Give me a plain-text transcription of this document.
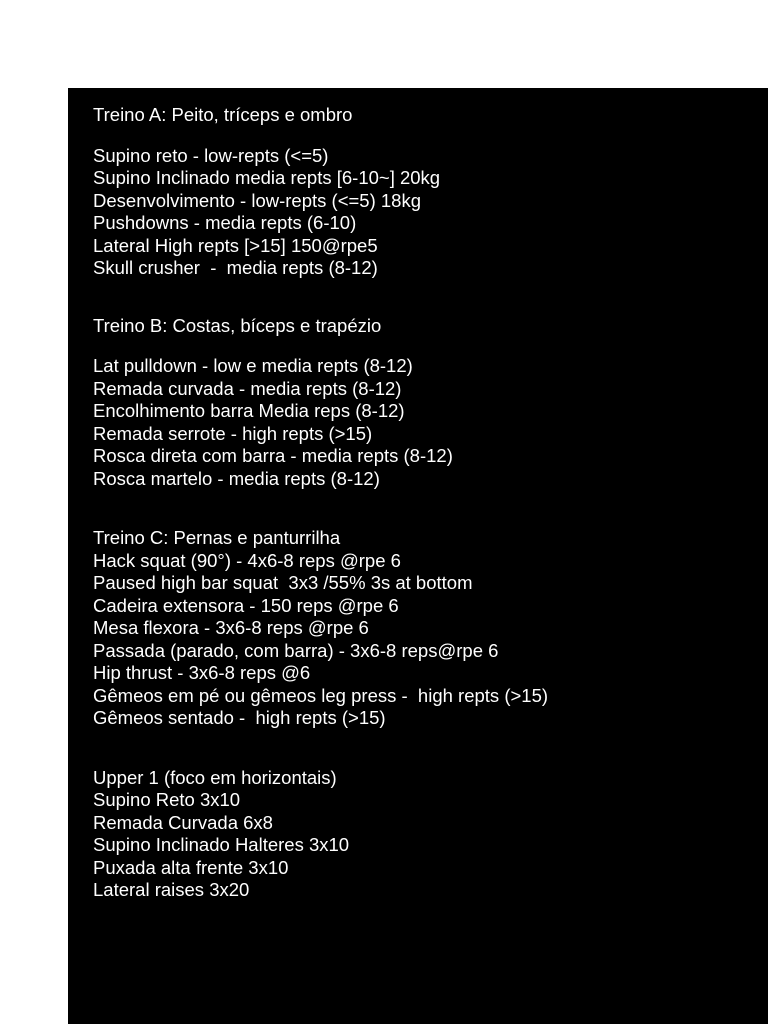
Treino A: Peito, tríceps e ombro
Supino reto - low-repts (<=5)
Supino Inclinado media repts [6-10~] 20kg
Desenvolvimento - low-repts (<=5) 18kg
Pushdowns - media repts (6-10)
Lateral High repts [>15] 150@rpe5
Skull crusher  -  media repts (8-12)
Treino B: Costas, bíceps e trapézio
Lat pulldown - low e media repts (8-12)
Remada curvada - media repts (8-12)
Encolhimento barra Media reps (8-12)
Remada serrote - high repts (>15)
Rosca direta com barra - media repts (8-12)
Rosca martelo - media repts (8-12)
Treino C: Pernas e panturrilha
Hack squat (90°) - 4x6-8 reps @rpe 6
Paused high bar squat  3x3 /55% 3s at bottom
Cadeira extensora - 150 reps @rpe 6
Mesa flexora - 3x6-8 reps @rpe 6
Passada (parado, com barra) - 3x6-8 reps@rpe 6
Hip thrust - 3x6-8 reps @6
Gêmeos em pé ou gêmeos leg press -  high repts (>15)
Gêmeos sentado -  high repts (>15)
Upper 1 (foco em horizontais)
Supino Reto 3x10
Remada Curvada 6x8
Supino Inclinado Halteres 3x10
Puxada alta frente 3x10
Lateral raises 3x20
